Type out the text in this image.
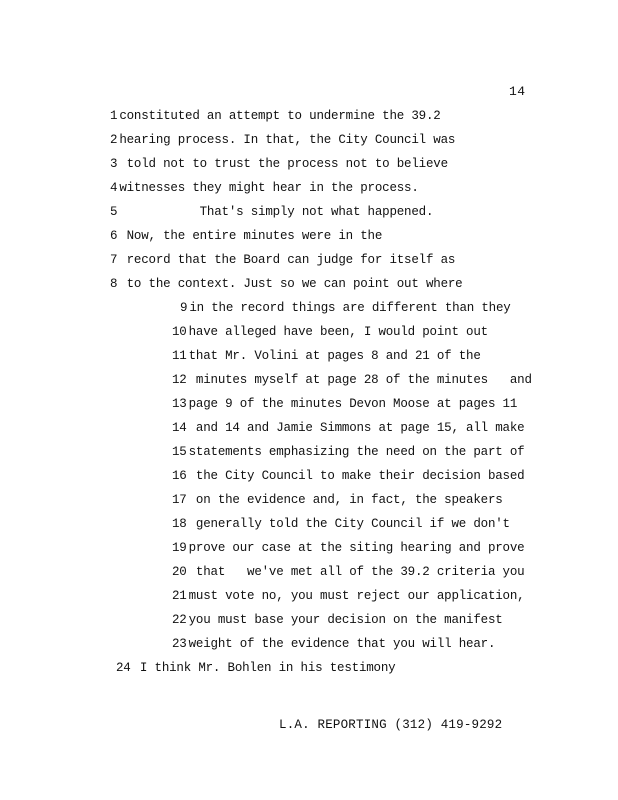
14
1 constituted an attempt to undermine the 39.2
2 hearing process. In that, the City Council was
3 told not to trust the process not to believe
4 witnesses they might hear in the process.
5           That's simply not what happened.
6 Now, the entire minutes were in the
7 record that the Board can judge for itself as
8 to the context. Just so we can point out where
9 in the record things are different than they
10 have alleged have been, I would point out
11 that Mr. Volini at pages 8 and 21 of the
12 minutes myself at page 28 of the minutes   and
13 page 9 of the minutes Devon Moose at pages 11
14 and 14 and Jamie Simmons at page 15, all make
15 statements emphasizing the need on the part of
16 the City Council to make their decision based
17 on the evidence and, in fact, the speakers
18 generally told the City Council if we don't
19 prove our case at the siting hearing and prove
20 that   we've met all of the 39.2 criteria you
21 must vote no, you must reject our application,
22 you must base your decision on the manifest
23 weight of the evidence that you will hear.
24 I think Mr. Bohlen in his testimony
L.A. REPORTING (312) 419-9292
